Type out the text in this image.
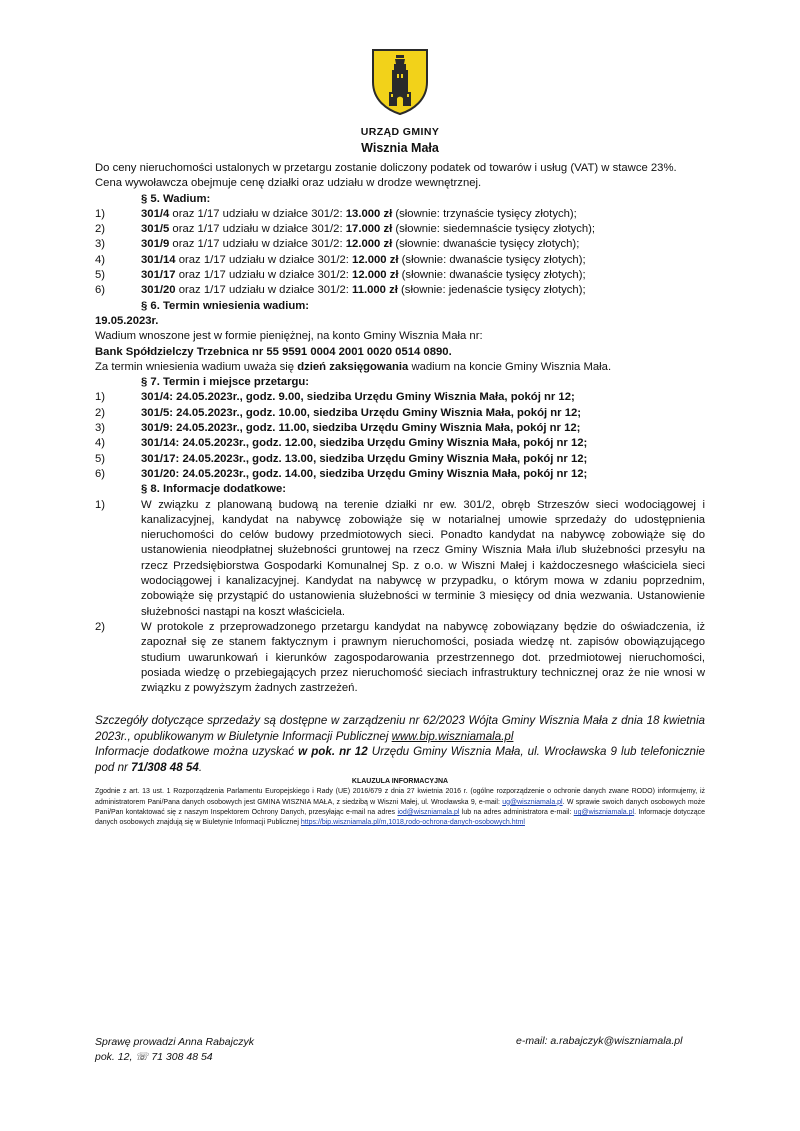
URZĄD GMINY
Wisznia Mała

Do ceny nieruchomości ustalonych w przetargu zostanie doliczony podatek od towarów i usług (VAT) w stawce 23%.

Cena wywoławcza obejmuje cenę działki oraz udziału w drodze wewnętrznej.

§ 5. Wadium:

1)	301/4 oraz 1/17 udziału w działce 301/2: 13.000 zł (słownie: trzynaście tysięcy złotych);
2)	301/5 oraz 1/17 udziału w działce 301/2: 17.000 zł (słownie: siedemnaście tysięcy złotych);
3)	301/9 oraz 1/17 udziału w działce 301/2: 12.000 zł (słownie: dwanaście tysięcy złotych);
4)	301/14 oraz 1/17 udziału w działce 301/2: 12.000 zł (słownie: dwanaście tysięcy złotych);
5)	301/17 oraz 1/17 udziału w działce 301/2: 12.000 zł (słownie: dwanaście tysięcy złotych);
6)	301/20 oraz 1/17 udziału w działce 301/2: 11.000 zł (słownie: jedenaście tysięcy złotych);

§ 6. Termin wniesienia wadium:

19.05.2023r.

Wadium wnoszone jest w formie pieniężnej, na konto Gminy Wisznia Mała nr:

Bank Spółdzielczy Trzebnica nr 55 9591 0004 2001 0020 0514 0890.

Za termin wniesienia wadium uważa się dzień zaksięgowania wadium na koncie Gminy Wisznia Mała.

§ 7. Termin i miejsce przetargu:

1)	301/4: 24.05.2023r., godz. 9.00, siedziba Urzędu Gminy Wisznia Mała, pokój nr 12;
2)	301/5: 24.05.2023r., godz. 10.00, siedziba Urzędu Gminy Wisznia Mała, pokój nr 12;
3)	301/9: 24.05.2023r., godz. 11.00, siedziba Urzędu Gminy Wisznia Mała, pokój nr 12;
4)	301/14: 24.05.2023r., godz. 12.00, siedziba Urzędu Gminy Wisznia Mała, pokój nr 12;
5)	301/17: 24.05.2023r., godz. 13.00, siedziba Urzędu Gminy Wisznia Mała, pokój nr 12;
6)	301/20: 24.05.2023r., godz. 14.00, siedziba Urzędu Gminy Wisznia Mała, pokój nr 12;

§ 8. Informacje dodatkowe:

1)	W związku z planowaną budową na terenie działki nr ew. 301/2, obręb Strzeszów sieci wodociągowej i kanalizacyjnej, kandydat na nabywcę zobowiąże się w notarialnej umowie sprzedaży do udostępnienia nieruchomości do celów budowy przedmiotowych sieci. Ponadto kandydat na nabywcę zobowiąże się do ustanowienia nieodpłatnej służebności gruntowej na rzecz Gminy Wisznia Mała i/lub służebności przesyłu na rzecz Przedsiębiorstwa Gospodarki Komunalnej Sp. z o.o. w Wiszni Małej i każdoczesnego właściciela sieci wodociągowej i kanalizacyjnej. Kandydat na nabywcę w przypadku, o którym mowa w zdaniu poprzednim, zobowiąże się przystąpić do ustanowienia służebności w terminie 3 miesięcy od dnia wezwania. Ustanowienie służebności nastąpi na koszt właściciela.
2)	W protokole z przeprowadzonego przetargu kandydat na nabywcę zobowiązany będzie do oświadczenia, iż zapoznał się ze stanem faktycznym i prawnym nieruchomości, posiada wiedzę nt. zapisów obowiązującego studium uwarunkowań i kierunków zagospodarowania przestrzennego dot. przedmiotowej nieruchomości, posiada wiedzę o przebiegających przez nieruchomość sieciach infrastruktury technicznej oraz że nie wnosi w związku z powyższym żadnych zastrzeżeń.

Szczegóły dotyczące sprzedaży są dostępne w zarządzeniu nr 62/2023 Wójta Gminy Wisznia Mała z dnia 18 kwietnia 2023r., opublikowanym w Biuletynie Informacji Publicznej www.bip.wiszniamala.pl
Informacje dodatkowe można uzyskać w pok. nr 12 Urzędu Gminy Wisznia Mała, ul. Wrocławska 9 lub telefonicznie pod nr 71/308 48 54.

KLAUZULA INFORMACYJNA

Zgodnie z art. 13 ust. 1 Rozporządzenia Parlamentu Europejskiego i Rady (UE) 2016/679 z dnia 27 kwietnia 2016 r. (ogólne rozporządzenie o ochronie danych zwane RODO) informujemy, iż administratorem Pani/Pana danych osobowych jest GMINA WISZNIA MAŁA, z siedzibą w Wiszni Małej, ul. Wrocławska 9, e-mail: ug@wiszniamala.pl. W sprawie swoich danych osobowych może Pani/Pan kontaktować się z naszym Inspektorem Ochrony Danych, przesyłając e-mail na adres iod@wiszniamala.pl lub na adres administratora e-mail: ug@wiszniamala.pl. Informacje dotyczące danych osobowych znajdują się w Biuletynie Informacji Publicznej https://bip.wiszniamala.pl/m,1018,rodo-ochrona-danych-osobowych.html

Sprawę prowadzi Anna Rabajczyk
pok. 12, ☏ 71 308 48 54
e-mail: a.rabajczyk@wiszniamala.pl
